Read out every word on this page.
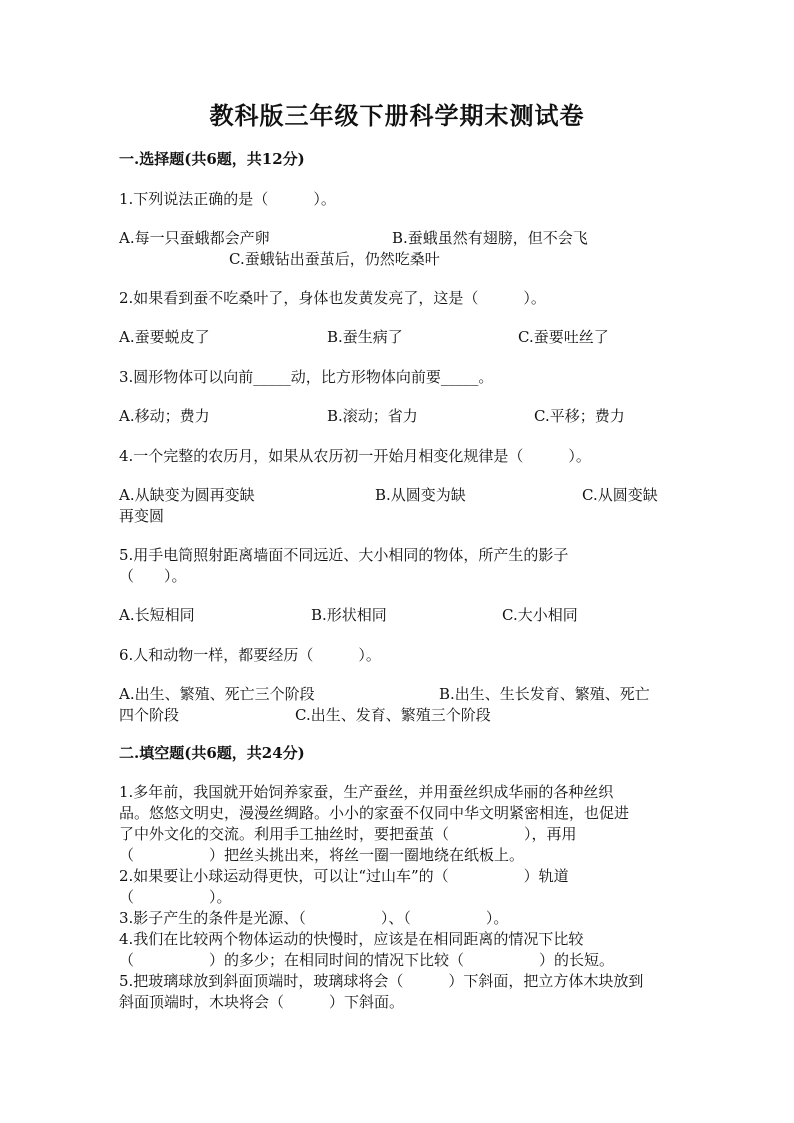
教科版三年级下册科学期末测试卷
一.选择题(共6题，共12分)
1.下列说法正确的是（　　　）。
A.每一只蚕蛾都会产卵	B.蚕蛾虽然有翅膀，但不会飞
C.蚕蛾钻出蚕茧后，仍然吃桑叶
2.如果看到蚕不吃桑叶了，身体也发黄发亮了，这是（　　　）。
A.蚕要蜕皮了	B.蚕生病了	C.蚕要吐丝了
3.圆形物体可以向前_____动，比方形物体向前要_____。
A.移动；费力	B.滚动；省力	C.平移；费力
4.一个完整的农历月，如果从农历初一开始月相变化规律是（　　　）。
A.从缺变为圆再变缺	B.从圆变为缺	C.从圆变缺
再变圆
5.用手电筒照射距离墙面不同远近、大小相同的物体，所产生的影子
（　　）。
A.长短相同	B.形状相同	C.大小相同
6.人和动物一样，都要经历（　　　）。
A.出生、繁殖、死亡三个阶段	B.出生、生长发育、繁殖、死亡
四个阶段	C.出生、发育、繁殖三个阶段
二.填空题(共6题，共24分)
1.多年前，我国就开始饲养家蚕，生产蚕丝，并用蚕丝织成华丽的各种丝织
品。悠悠文明史，漫漫丝绸路。小小的家蚕不仅同中华文明紧密相连，也促进
了中外文化的交流。利用手工抽丝时，要把蚕茧（　　　　　），再用
（　　　　　）把丝头挑出来，将丝一圈一圈地绕在纸板上。
2.如果要让小球运动得更快，可以让“过山车”的（　　　　　）轨道
（　　　　　）。
3.影子产生的条件是光源、（　　　　　）、（　　　　　）。
4.我们在比较两个物体运动的快慢时，应该是在相同距离的情况下比较
（　　　　　）的多少；在相同时间的情况下比较（　　　　　）的长短。
5.把玻璃球放到斜面顶端时，玻璃球将会（　　　）下斜面，把立方体木块放到
斜面顶端时，木块将会（　　　）下斜面。
